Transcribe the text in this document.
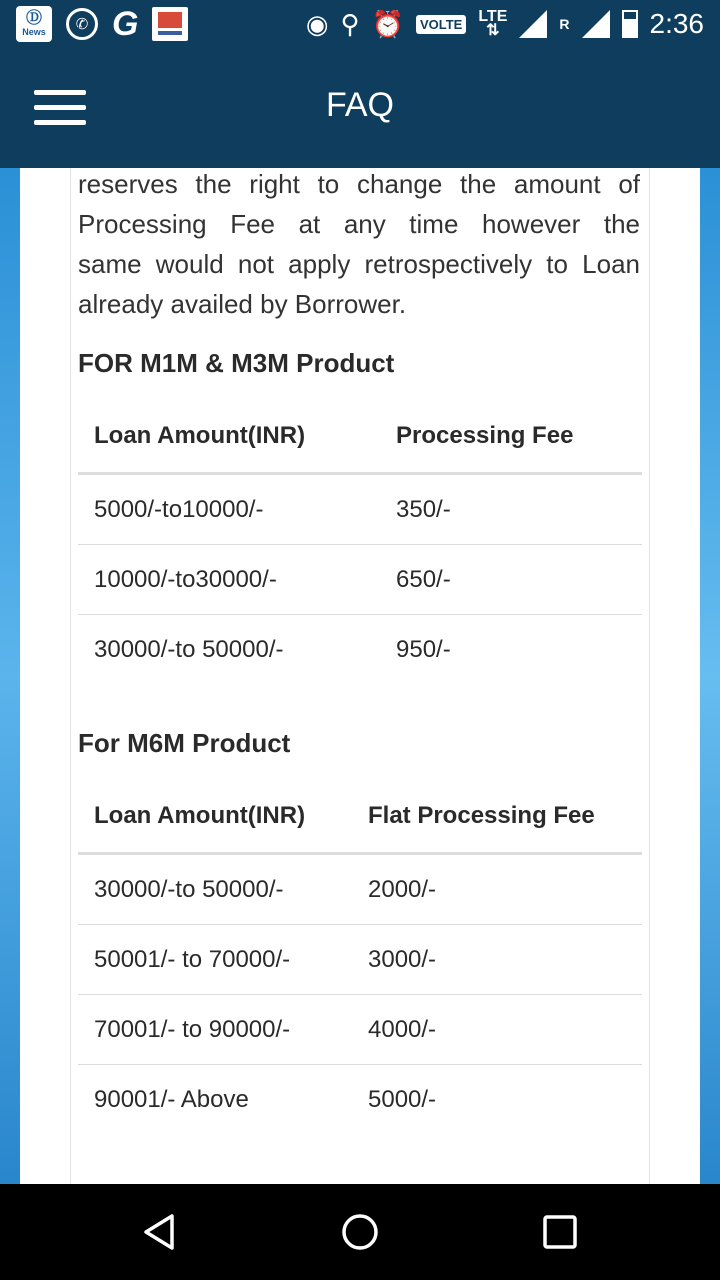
Ⓓ
News	✆ G	◉ ⚲ ⏰	VOLTE LTE
⇅	R	2:36
FAQ
reserves the right to change the amount of
Processing Fee at any time however the
same would not apply retrospectively to Loan
already availed by Borrower.
FOR M1M & M3M Product
Loan Amount(INR)	Processing Fee
5000/-to10000/-	350/-
10000/-to30000/-	650/-
30000/-to 50000/-	950/-
For M6M Product
Loan Amount(INR)	Flat Processing Fee
30000/-to 50000/-	2000/-
50001/- to 70000/-	3000/-
70001/- to 90000/-	4000/-
90001/- Above	5000/-
